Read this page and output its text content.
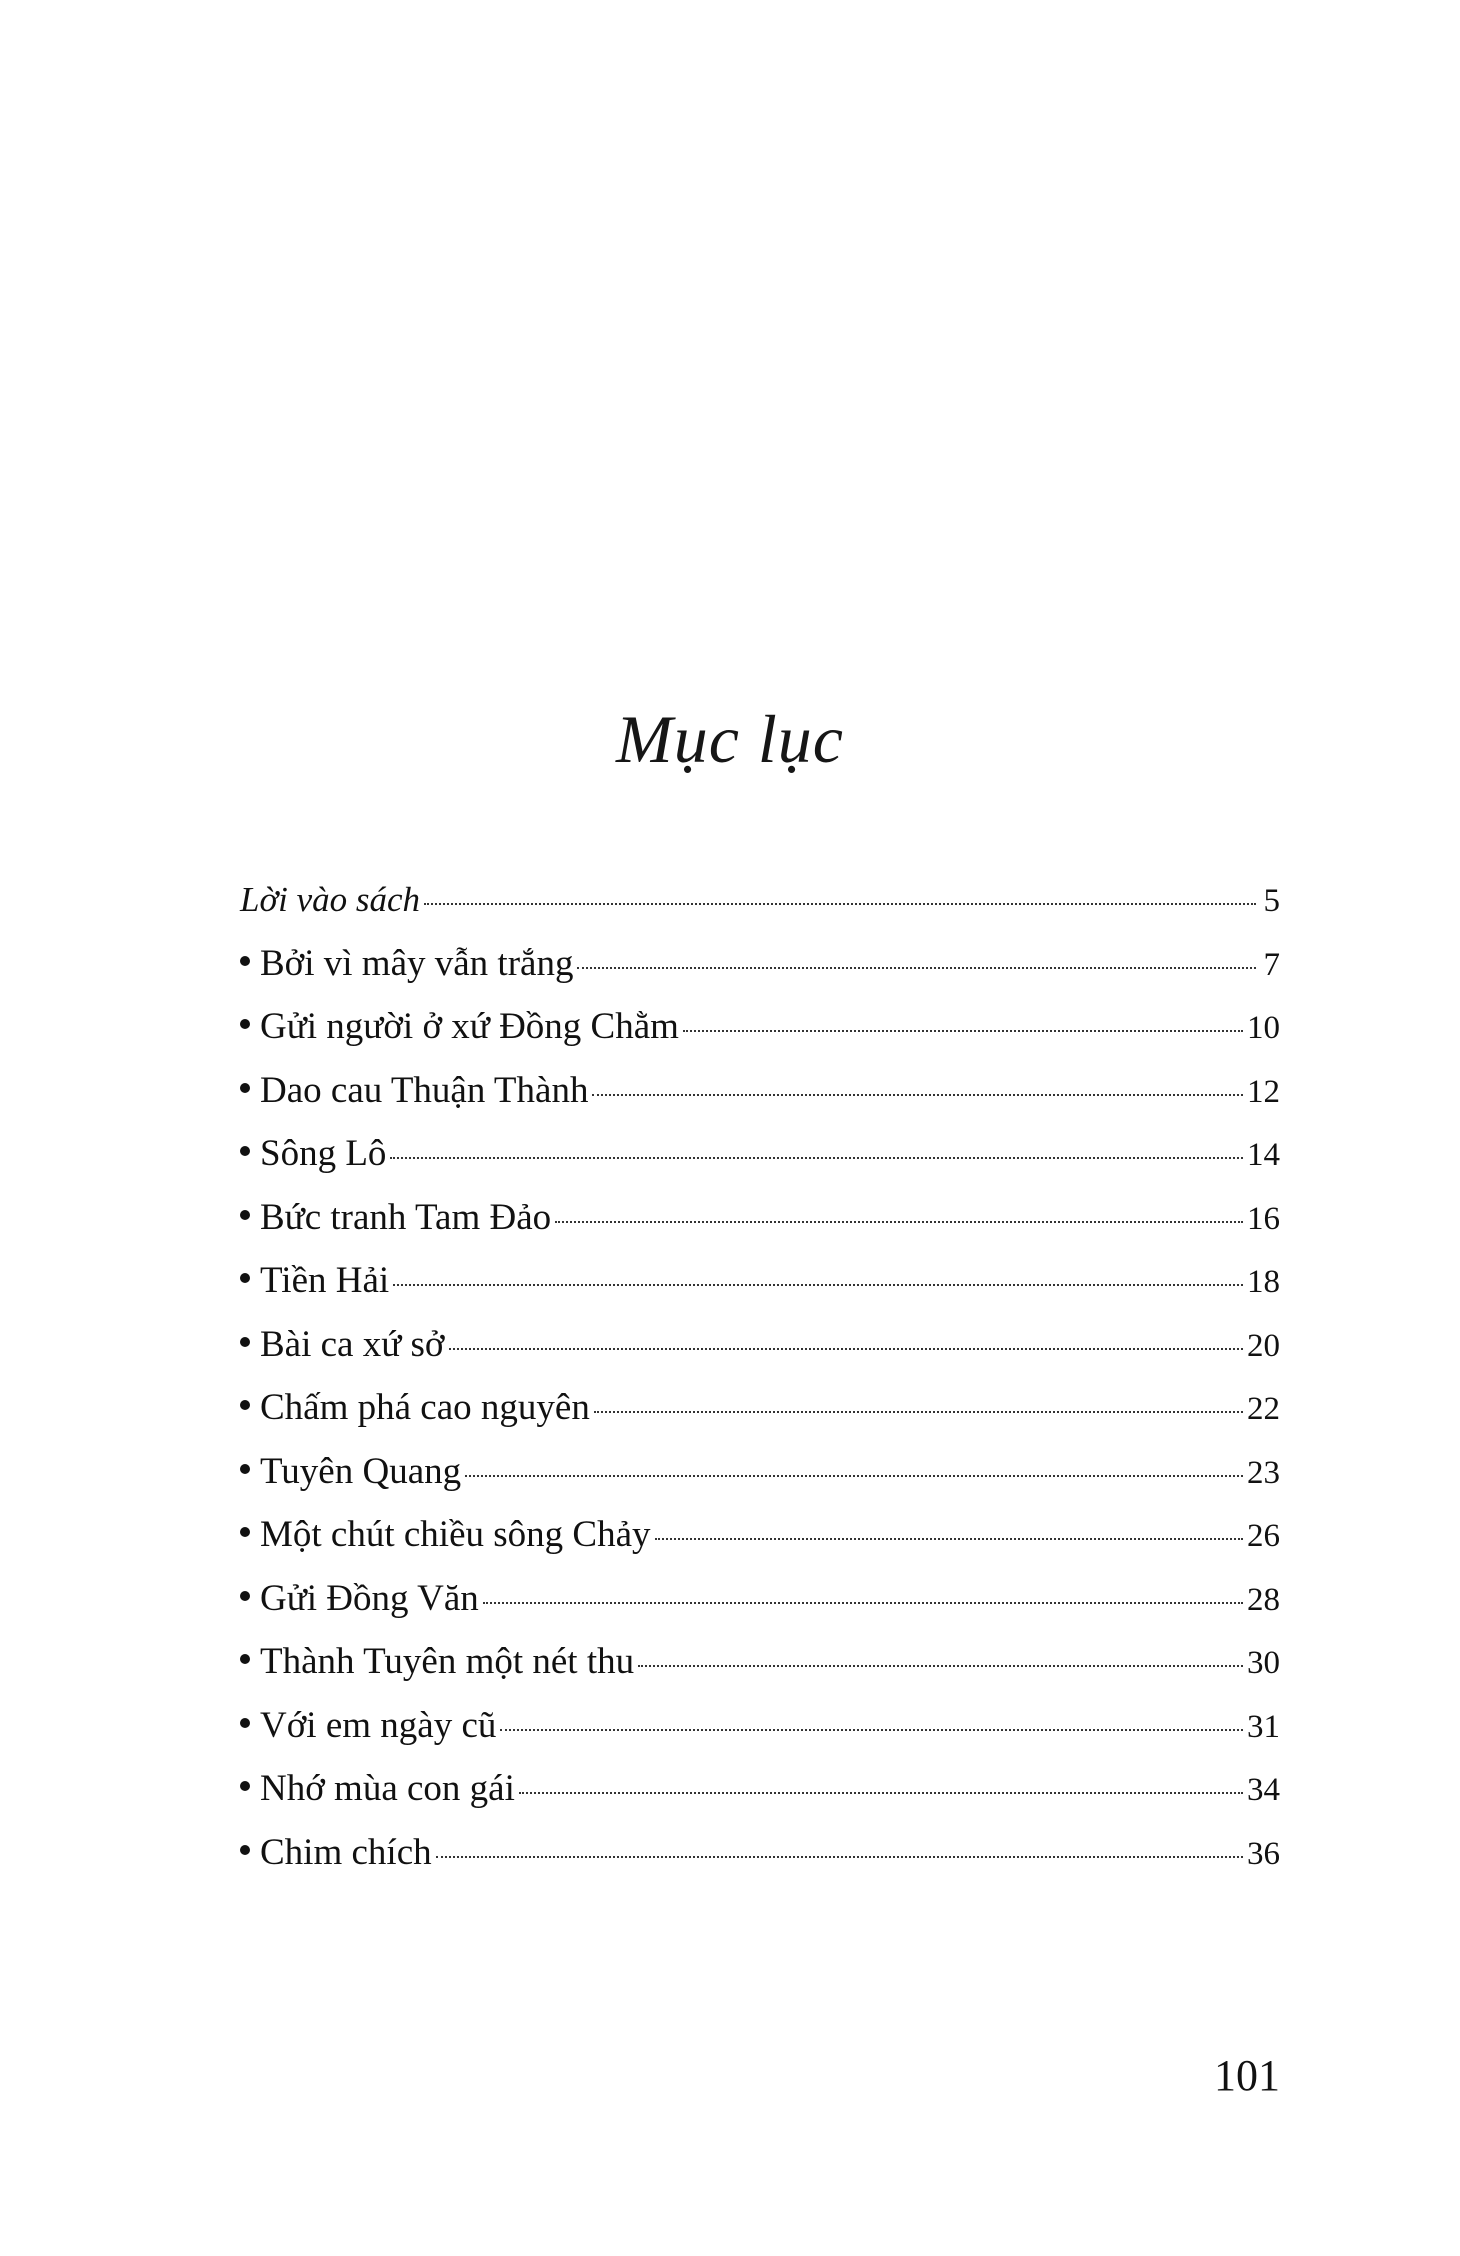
Mục lục
Lời vào sách	5
Bởi vì mây vẫn trắng	7
Gửi người ở xứ Đồng Chằm	10
Dao cau Thuận Thành	12
Sông Lô	14
Bức tranh Tam Đảo	16
Tiền Hải	18
Bài ca xứ sở	20
Chấm phá cao nguyên	22
Tuyên Quang	23
Một chút chiều sông Chảy	26
Gửi Đồng Văn	28
Thành Tuyên một nét thu	30
Với em ngày cũ	31
Nhớ mùa con gái	34
Chim chích	36
101
